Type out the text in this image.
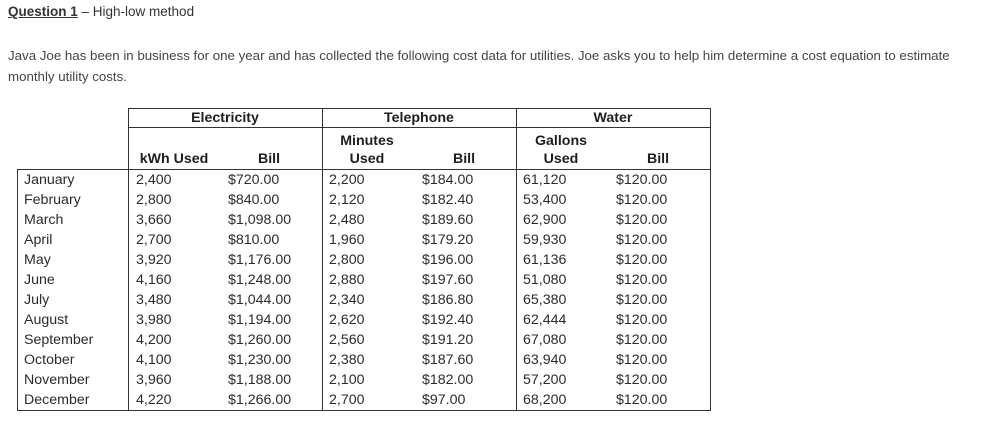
Question 1 – High-low method
Java Joe has been in business for one year and has collected the following cost data for utilities. Joe asks you to help him determine a cost equation to estimate monthly utility costs.
Electricity	Telephone	Water
kWh Used	Bill
Minutes
Used	Bill
Gallons
Used	Bill
January	2,400	$720.00	2,200	$184.00	61,120	$120.00
February	2,800	$840.00	2,120	$182.40	53,400	$120.00
March	3,660	$1,098.00	2,480	$189.60	62,900	$120.00
April	2,700	$810.00	1,960	$179.20	59,930	$120.00
May	3,920	$1,176.00	2,800	$196.00	61,136	$120.00
June	4,160	$1,248.00	2,880	$197.60	51,080	$120.00
July	3,480	$1,044.00	2,340	$186.80	65,380	$120.00
August	3,980	$1,194.00	2,620	$192.40	62,444	$120.00
September	4,200	$1,260.00	2,560	$191.20	67,080	$120.00
October	4,100	$1,230.00	2,380	$187.60	63,940	$120.00
November	3,960	$1,188.00	2,100	$182.00	57,200	$120.00
December	4,220	$1,266.00	2,700	$97.00	68,200	$120.00
